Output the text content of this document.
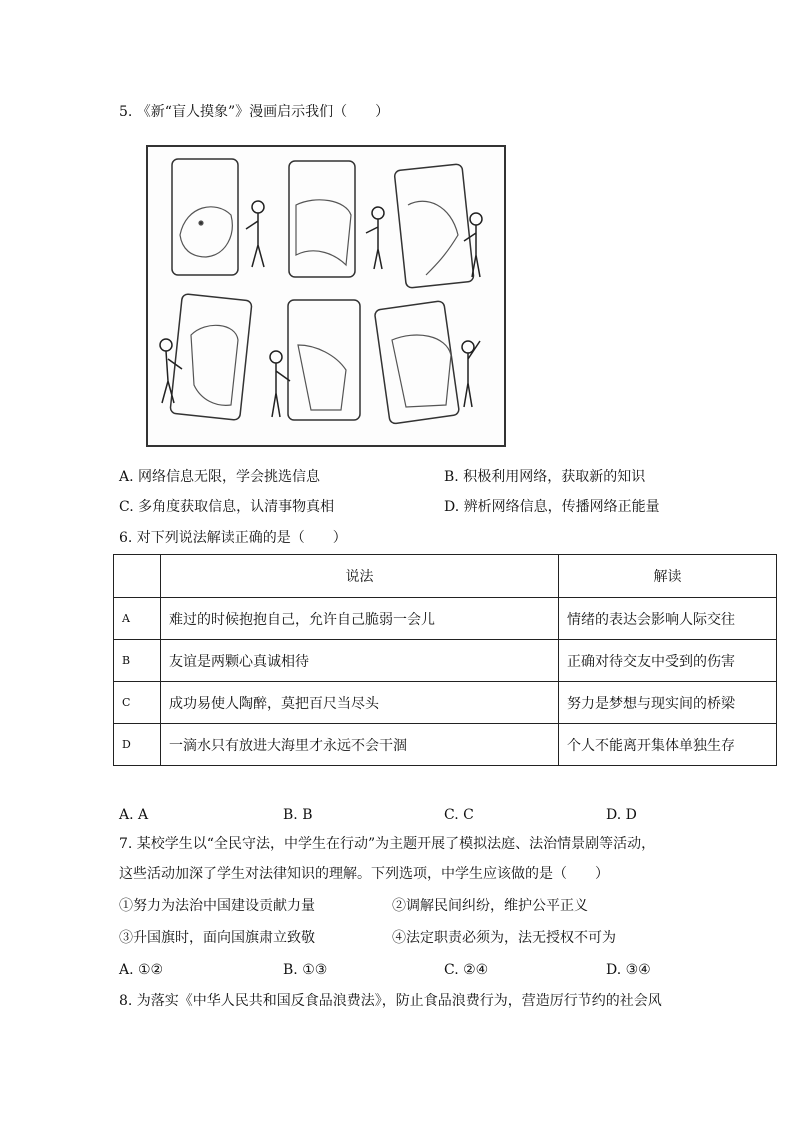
5. 《新“盲人摸象”》漫画启示我们（　　）
A. 网络信息无限，学会挑选信息	B. 积极利用网络，获取新的知识
C. 多角度获取信息，认清事物真相	D. 辨析网络信息，传播网络正能量
6. 对下列说法解读正确的是（　　）
	说法	解读
A	难过的时候抱抱自己，允许自己脆弱一会儿	情绪的表达会影响人际交往
B	友谊是两颗心真诚相待	正确对待交友中受到的伤害
C	成功易使人陶醉，莫把百尺当尽头	努力是梦想与现实间的桥梁
D	一滴水只有放进大海里才永远不会干涸	个人不能离开集体单独生存
A. A	B. B	C. C	D. D
7. 某校学生以“全民守法，中学生在行动”为主题开展了模拟法庭、法治情景剧等活动，
这些活动加深了学生对法律知识的理解。下列选项，中学生应该做的是（　　）
①努力为法治中国建设贡献力量	②调解民间纠纷，维护公平正义
③升国旗时，面向国旗肃立致敬	④法定职责必须为，法无授权不可为
A. ①②	B. ①③	C. ②④	D. ③④
8. 为落实《中华人民共和国反食品浪费法》，防止食品浪费行为，营造厉行节约的社会风
